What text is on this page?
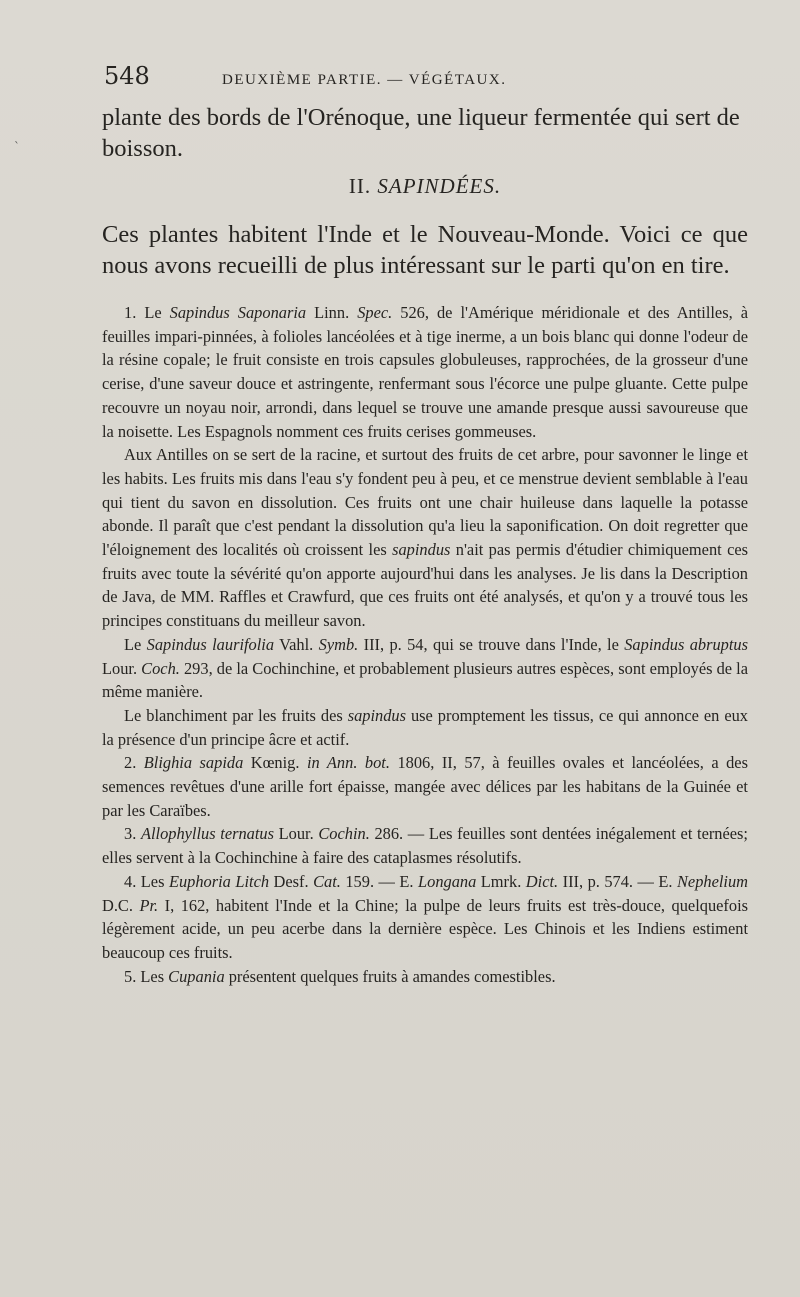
`
548	DEUXIÈME PARTIE. — VÉGÉTAUX.

plante des bords de l'Orénoque, une liqueur fermentée qui sert de boisson.

II. SAPINDÉES.

Ces plantes habitent l'Inde et le Nouveau-Monde. Voici ce que nous avons recueilli de plus intéressant sur le parti qu'on en tire.

1. Le Sapindus Saponaria Linn. Spec. 526, de l'Amérique méridionale et des Antilles, à feuilles impari-pinnées, à folioles lancéolées et à tige inerme, a un bois blanc qui donne l'odeur de la résine copale; le fruit consiste en trois capsules globuleuses, rapprochées, de la grosseur d'une cerise, d'une saveur douce et astringente, renfermant sous l'écorce une pulpe gluante. Cette pulpe recouvre un noyau noir, arrondi, dans lequel se trouve une amande presque aussi savoureuse que la noisette. Les Espagnols nomment ces fruits cerises gommeuses.

Aux Antilles on se sert de la racine, et surtout des fruits de cet arbre, pour savonner le linge et les habits. Les fruits mis dans l'eau s'y fondent peu à peu, et ce menstrue devient semblable à l'eau qui tient du savon en dissolution. Ces fruits ont une chair huileuse dans laquelle la potasse abonde. Il paraît que c'est pendant la dissolution qu'a lieu la saponification. On doit regretter que l'éloignement des localités où croissent les sapindus n'ait pas permis d'étudier chimiquement ces fruits avec toute la sévérité qu'on apporte aujourd'hui dans les analyses. Je lis dans la Description de Java, de MM. Raffles et Crawfurd, que ces fruits ont été analysés, et qu'on y a trouvé tous les principes constituans du meilleur savon.

Le Sapindus laurifolia Vahl. Symb. III, p. 54, qui se trouve dans l'Inde, le Sapindus abruptus Lour. Coch. 293, de la Cochinchine, et probablement plusieurs autres espèces, sont employés de la même manière.

Le blanchiment par les fruits des sapindus use promptement les tissus, ce qui annonce en eux la présence d'un principe âcre et actif.

2. Blighia sapida Kœnig. in Ann. bot. 1806, II, 57, à feuilles ovales et lancéolées, a des semences revêtues d'une arille fort épaisse, mangée avec délices par les habitans de la Guinée et par les Caraïbes.

3. Allophyllus ternatus Lour. Cochin. 286. — Les feuilles sont dentées inégalement et ternées; elles servent à la Cochinchine à faire des cataplasmes résolutifs.

4. Les Euphoria Litch Desf. Cat. 159. — E. Longana Lmrk. Dict. III, p. 574. — E. Nephelium D.C. Pr. I, 162, habitent l'Inde et la Chine; la pulpe de leurs fruits est très-douce, quelquefois légèrement acide, un peu acerbe dans la dernière espèce. Les Chinois et les Indiens estiment beaucoup ces fruits.

5. Les Cupania présentent quelques fruits à amandes comestibles.
